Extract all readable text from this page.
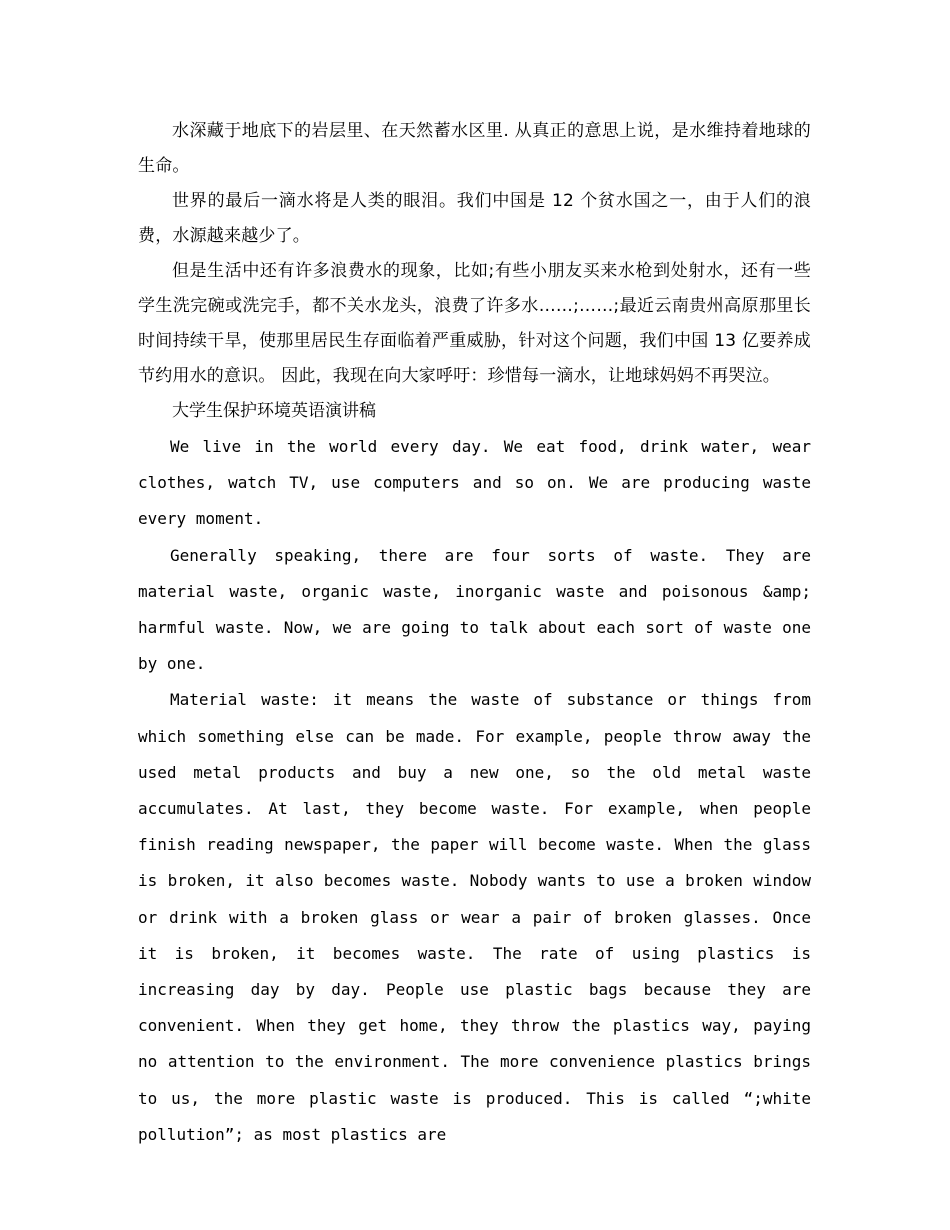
水深藏于地底下的岩层里、在天然蓄水区里. 从真正的意思上说，是水维持着地球的生命。

世界的最后一滴水将是人类的眼泪。我们中国是 12 个贫水国之一，由于人们的浪费，水源越来越少了。

但是生活中还有许多浪费水的现象，比如;有些小朋友买来水枪到处射水，还有一些学生洗完碗或洗完手，都不关水龙头，浪费了许多水……;……;最近云南贵州高原那里长时间持续干旱，使那里居民生存面临着严重威胁，针对这个问题，我们中国 13 亿要养成节约用水的意识。 因此，我现在向大家呼吁：珍惜每一滴水，让地球妈妈不再哭泣。

大学生保护环境英语演讲稿

We live in the world every day. We eat food, drink water, wear clothes, watch TV, use computers and so on. We are producing waste every moment.

Generally speaking, there are four sorts of waste. They are material waste, organic waste, inorganic waste and poisonous &amp; harmful waste. Now, we are going to talk about each sort of waste one by one.

Material waste: it means the waste of substance or things from which something else can be made. For example, people throw away the used metal products and buy a new one, so the old metal waste accumulates. At last, they become waste. For example, when people finish reading newspaper, the paper will become waste. When the glass is broken, it also becomes waste. Nobody wants to use a broken window or drink with a broken glass or wear a pair of broken glasses. Once it is broken, it becomes waste. The rate of using plastics is increasing day by day. People use plastic bags because they are convenient. When they get home, they throw the plastics way, paying no attention to the environment. The more convenience plastics brings to us, the more plastic waste is produced. This is called “;white pollution”; as most plastics are
